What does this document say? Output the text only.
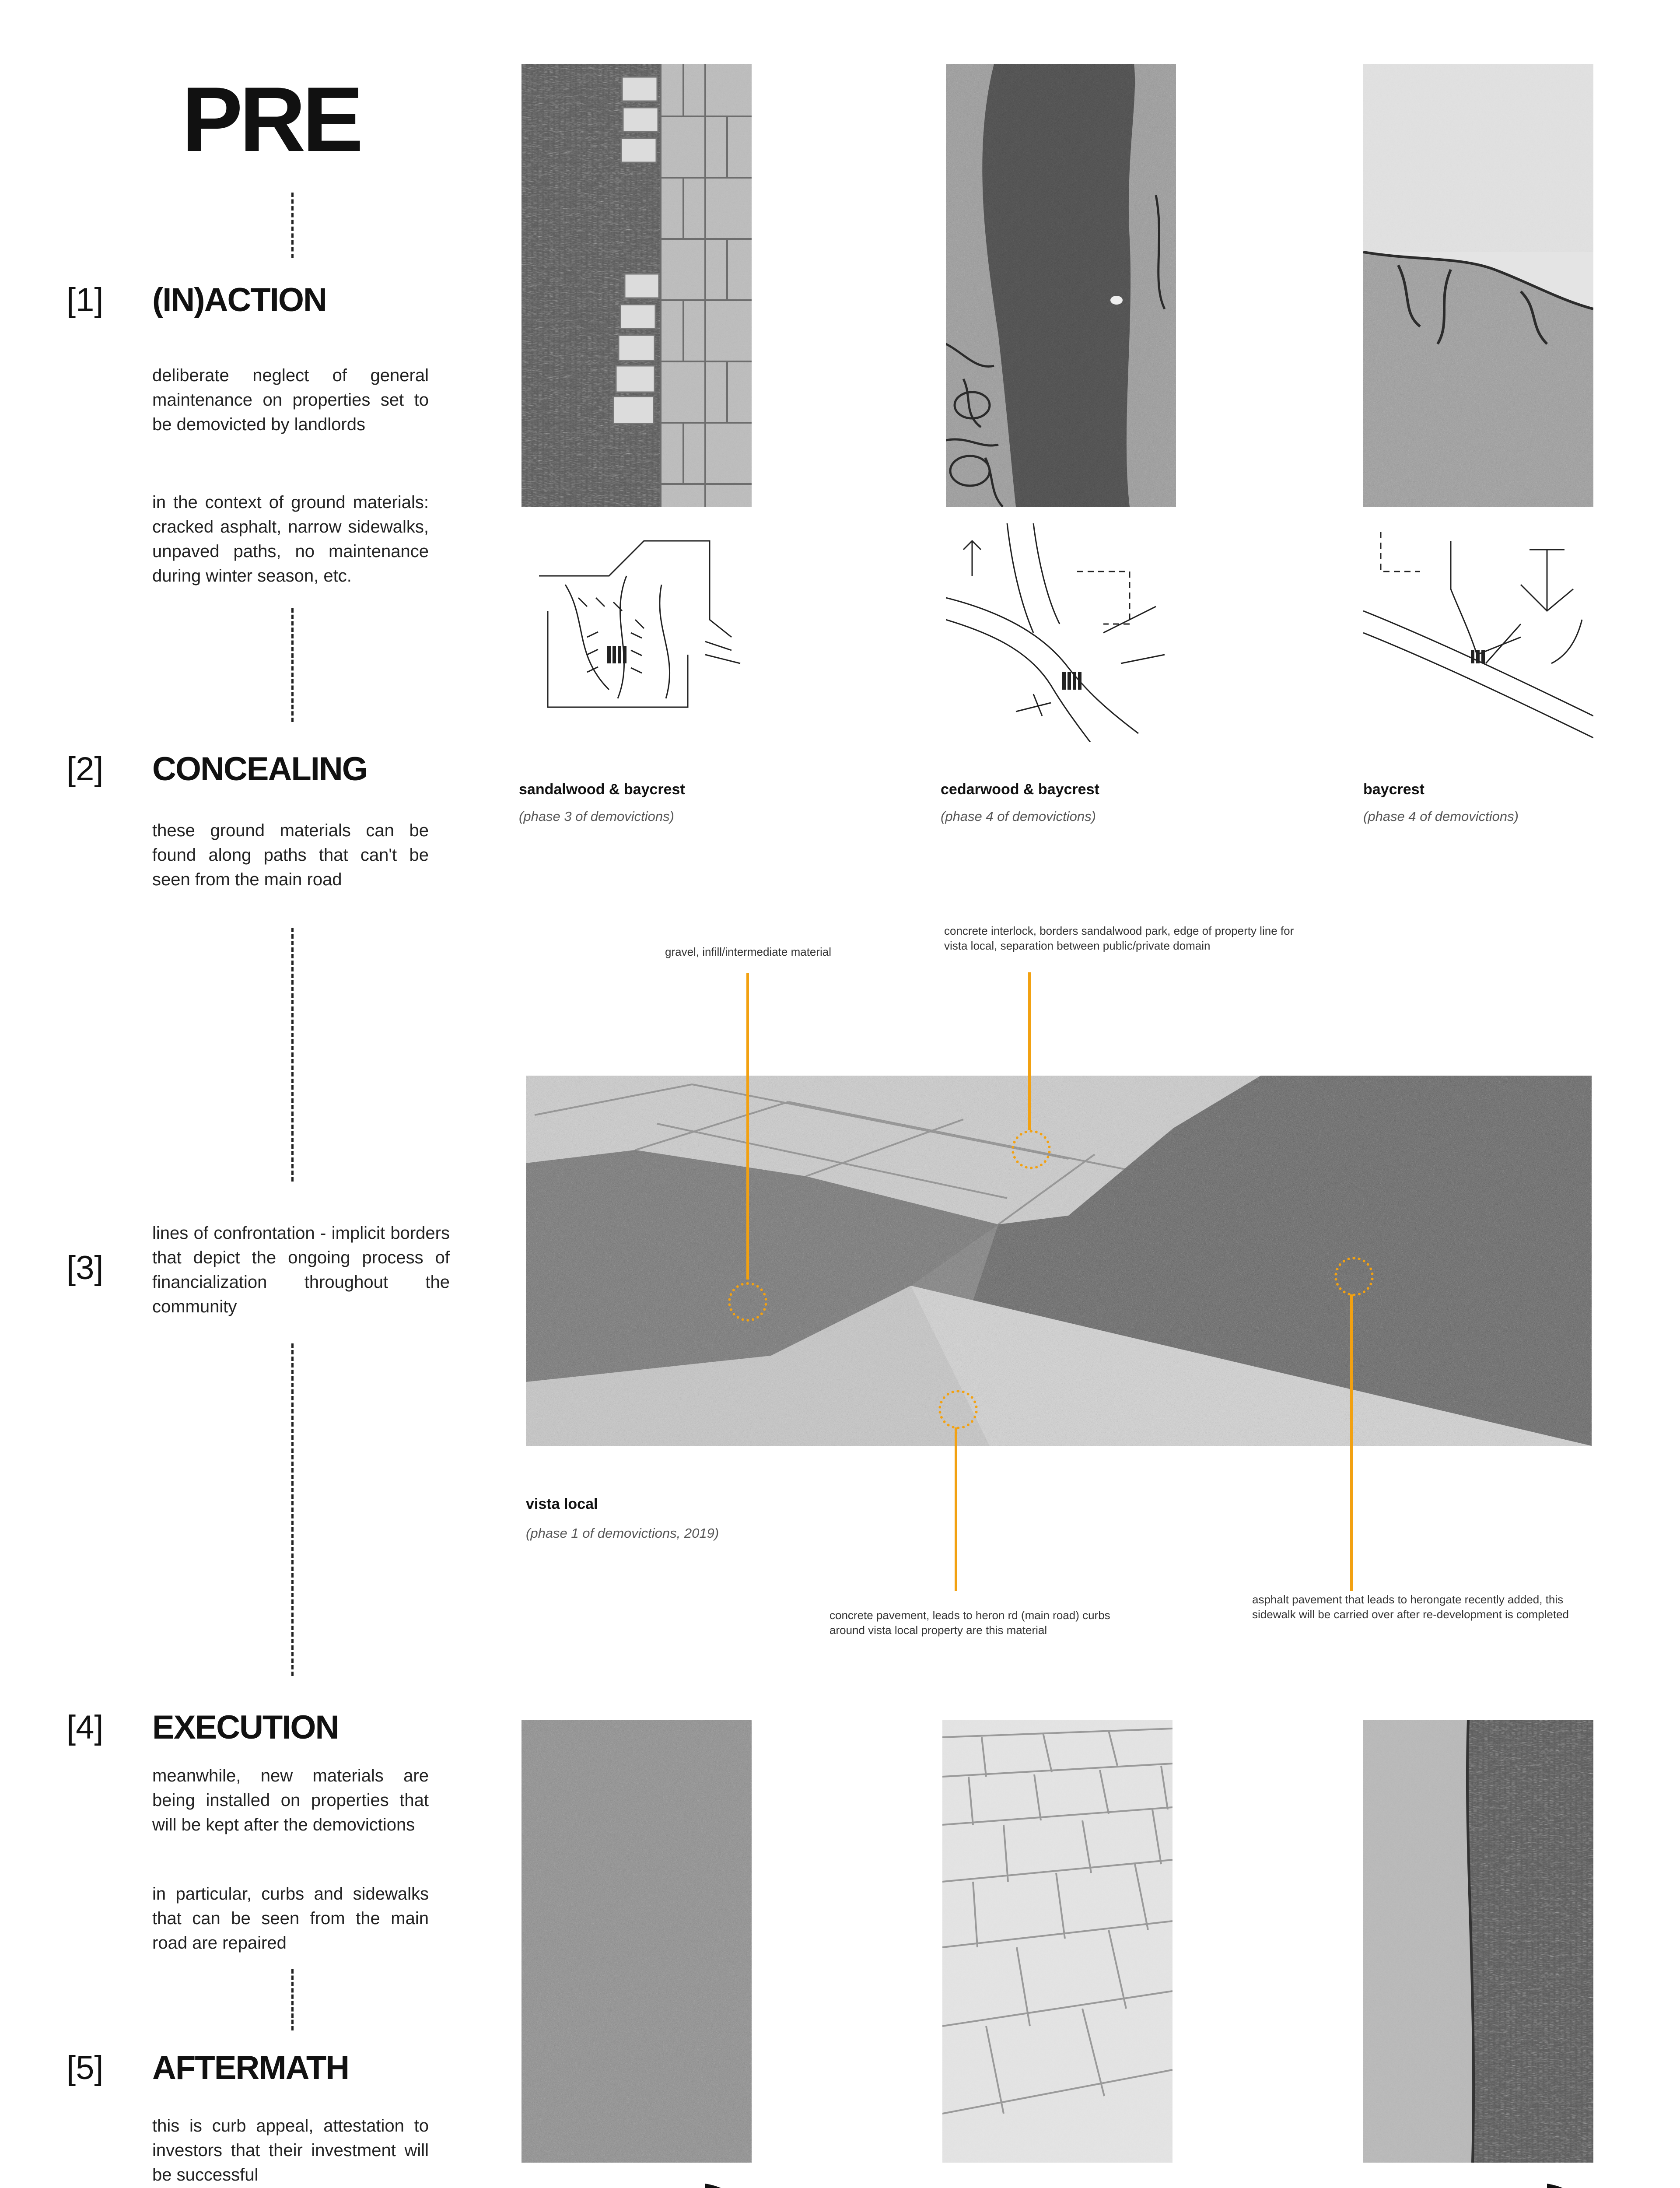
PRE
[1] (IN)ACTION
deliberate neglect of general maintenance on properties set to be demovicted by landlords
in the context of ground materials: cracked asphalt, narrow sidewalks, unpaved paths, no maintenance during winter season, etc.
[2] CONCEALING
these ground materials can be found along paths that can't be seen from the main road
[3]
lines of confrontation - implicit borders that depict the ongoing process of financialization throughout the community
[4] EXECUTION
meanwhile, new materials are being installed on properties that will be kept after the demovictions
in particular, curbs and sidewalks that can be seen from the main road are repaired
[5] AFTERMATH
this is curb appeal, attestation to investors that their investment will be successful
sandalwood & baycrest
(phase 3 of demovictions)
cedarwood & baycrest
(phase 4 of demovictions)
baycrest
(phase 4 of demovictions)
gravel, infill/intermediate material
concrete interlock, borders sandalwood park, edge of property line for vista local, separation between public/private domain
vista local
(phase 1 of demovictions, 2019)
concrete pavement, leads to heron rd (main road) curbs around vista local property are this material
asphalt pavement that leads to herongate recently added, this sidewalk will be carried over after re-development is completed
